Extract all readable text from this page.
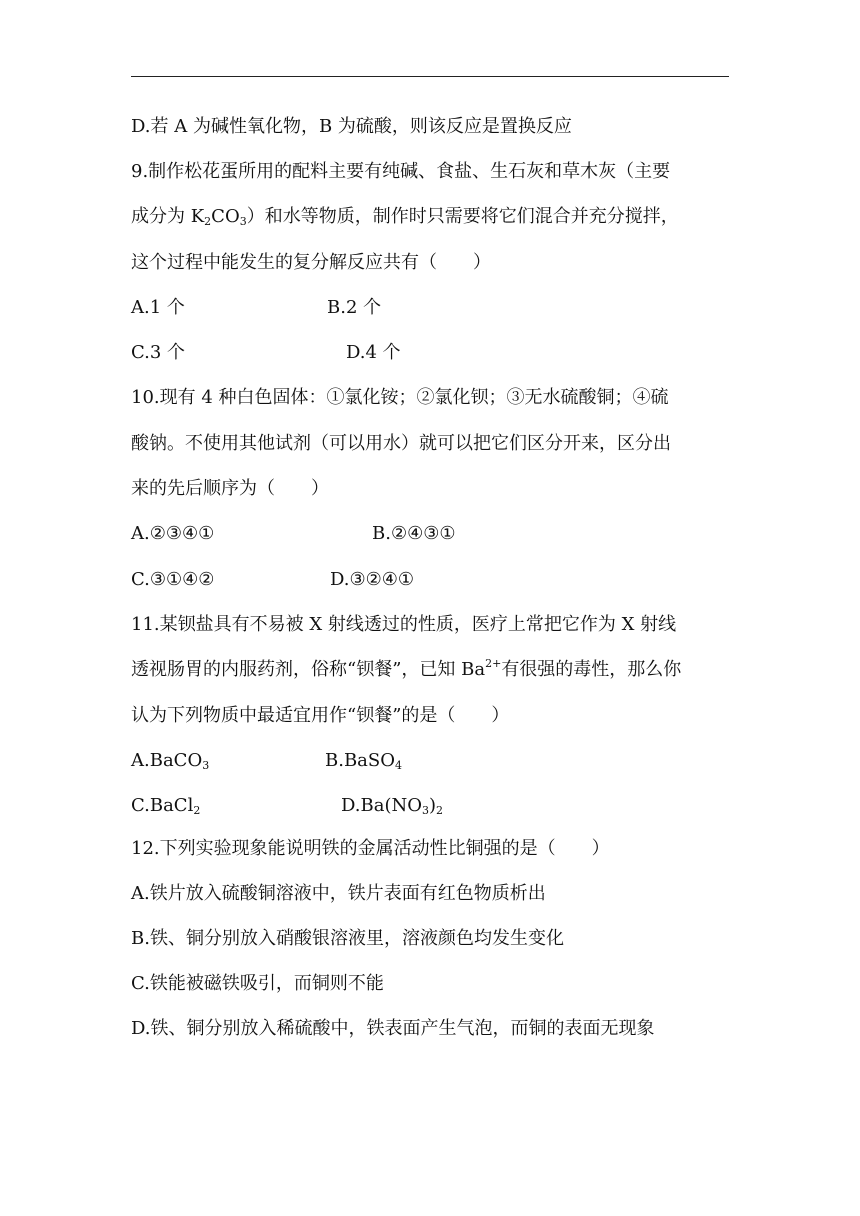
D.若 A 为碱性氧化物，B 为硫酸，则该反应是置换反应
9.制作松花蛋所用的配料主要有纯碱、食盐、生石灰和草木灰（主要
成分为 $K_2CO_3$）和水等物质，制作时只需要将它们混合并充分搅拌，
这个过程中能发生的复分解反应共有（　　）
A.1 个	B.2 个
C.3 个	D.4 个
10.现有 4 种白色固体：①氯化铵；②氯化钡；③无水硫酸铜；④硫
酸钠。不使用其他试剂（可以用水）就可以把它们区分开来，区分出
来的先后顺序为（　　）
A.②③④①	B.②④③①
C.③①④②	D.③②④①
11.某钡盐具有不易被 X 射线透过的性质，医疗上常把它作为 X 射线
透视肠胃的内服药剂，俗称“钡餐”，已知 $Ba^{2+}$有很强的毒性，那么你
认为下列物质中最适宜用作“钡餐”的是（　　）
A.BaCO$_3$	B.BaSO$_4$
C.BaCl$_2$	$D.Ba(NO_3)_2$
12.下列实验现象能说明铁的金属活动性比铜强的是（　　）
A.铁片放入硫酸铜溶液中，铁片表面有红色物质析出
B.铁、铜分别放入硝酸银溶液里，溶液颜色均发生变化
C.铁能被磁铁吸引，而铜则不能
D.铁、铜分别放入稀硫酸中，铁表面产生气泡，而铜的表面无现象
